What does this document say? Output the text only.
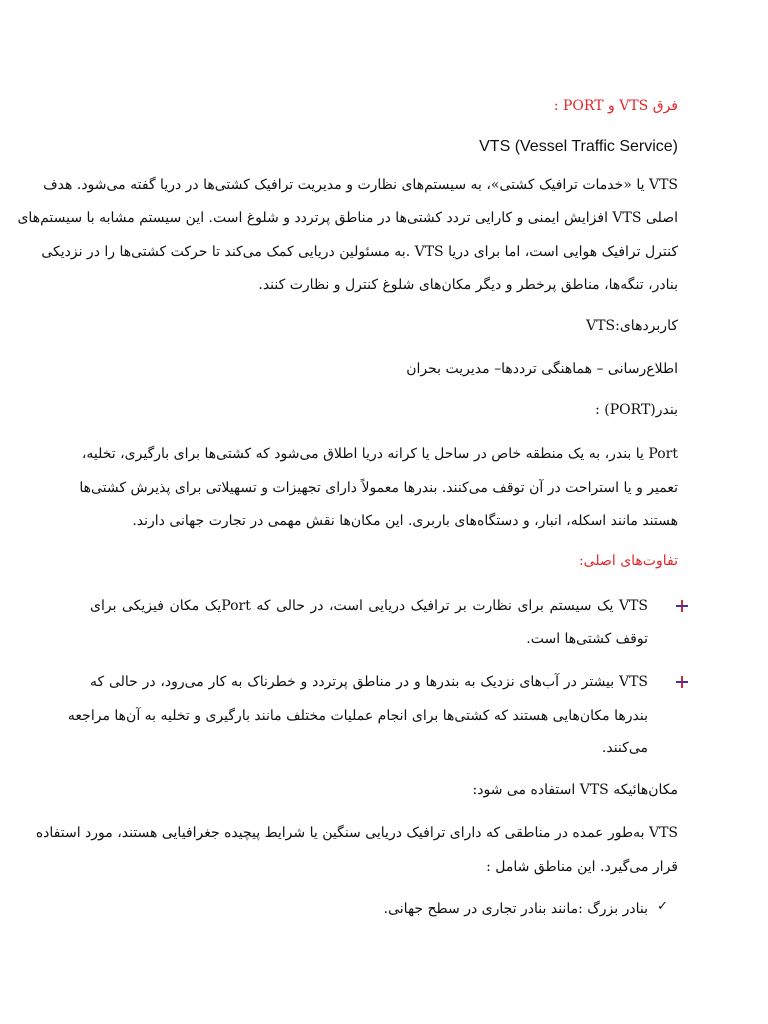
فرق VTS و PORT :
VTS (Vessel Traffic Service)
VTS یا «خدمات ترافیک کشتی»، به سیستم‌های نظارت و مدیریت ترافیک کشتی‌ها در دریا گفته می‌شود. هدف
اصلی VTS افزایش ایمنی و کارایی تردد کشتی‌ها در مناطق پرتردد و شلوغ است. این سیستم مشابه با سیستم‌های
کنترل ترافیک هوایی است، اما برای دریا VTS .به مسئولین دریایی کمک می‌کند تا حرکت کشتی‌ها را در نزدیکی
بنادر، تنگه‌ها، مناطق پرخطر و دیگر مکان‌های شلوغ کنترل و نظارت کنند.
کاربردهای:VTS
اطلاع‌رسانی – هماهنگی ترددها– مدیریت بحران
بندر(PORT) :
Port یا بندر، به یک منطقه خاص در ساحل یا کرانه دریا اطلاق می‌شود که کشتی‌ها برای بارگیری، تخلیه،
تعمیر و یا استراحت در آن توقف می‌کنند. بندرها معمولاً دارای تجهیزات و تسهیلاتی برای پذیرش کشتی‌ها
هستند مانند اسکله، انبار، و دستگاه‌های باربری. این مکان‌ها نقش مهمی در تجارت جهانی دارند.
تفاوت‌های اصلی:
VTS یک سیستم برای نظارت بر ترافیک دریایی است، در حالی که Portیک مکان فیزیکی برای
توقف کشتی‌ها است.
VTS بیشتر در آب‌های نزدیک به بندرها و در مناطق پرتردد و خطرناک به کار می‌رود، در حالی که
بندرها مکان‌هایی هستند که کشتی‌ها برای انجام عملیات مختلف مانند بارگیری و تخلیه به آن‌ها مراجعه
می‌کنند.
مکان‌هائیکه VTS استفاده می شود:
VTS به‌طور عمده در مناطقی که دارای ترافیک دریایی سنگین یا شرایط پیچیده جغرافیایی هستند، مورد استفاده
قرار می‌گیرد. این مناطق شامل :
✓
بنادر بزرگ :مانند بنادر تجاری در سطح جهانی.
